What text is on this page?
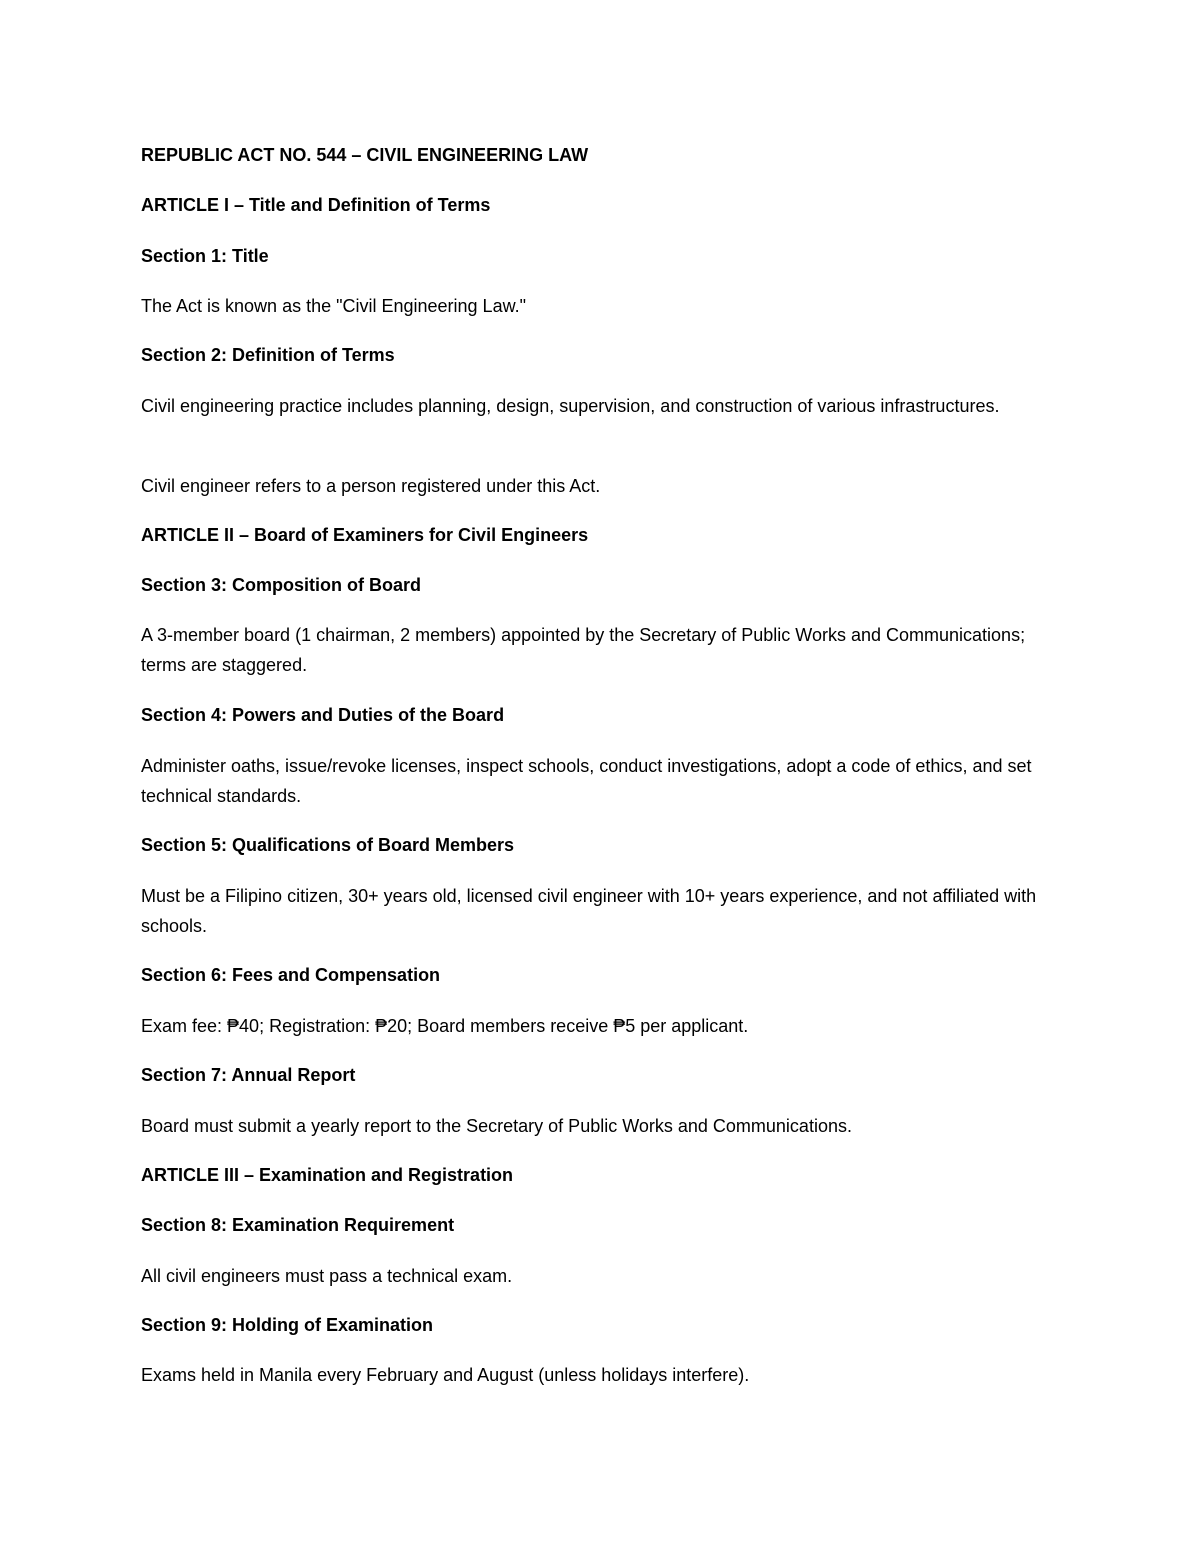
REPUBLIC ACT NO. 544 – CIVIL ENGINEERING LAW

ARTICLE I – Title and Definition of Terms

Section 1: Title

The Act is known as the "Civil Engineering Law."

Section 2: Definition of Terms

Civil engineering practice includes planning, design, supervision, and construction of various infrastructures.

Civil engineer refers to a person registered under this Act.

ARTICLE II – Board of Examiners for Civil Engineers

Section 3: Composition of Board

A 3-member board (1 chairman, 2 members) appointed by the Secretary of Public Works and Communications; terms are staggered.

Section 4: Powers and Duties of the Board

Administer oaths, issue/revoke licenses, inspect schools, conduct investigations, adopt a code of ethics, and set technical standards.

Section 5: Qualifications of Board Members

Must be a Filipino citizen, 30+ years old, licensed civil engineer with 10+ years experience, and not affiliated with schools.

Section 6: Fees and Compensation

Exam fee: ₱40; Registration: ₱20; Board members receive ₱5 per applicant.

Section 7: Annual Report

Board must submit a yearly report to the Secretary of Public Works and Communications.

ARTICLE III – Examination and Registration

Section 8: Examination Requirement

All civil engineers must pass a technical exam.

Section 9: Holding of Examination

Exams held in Manila every February and August (unless holidays interfere).
